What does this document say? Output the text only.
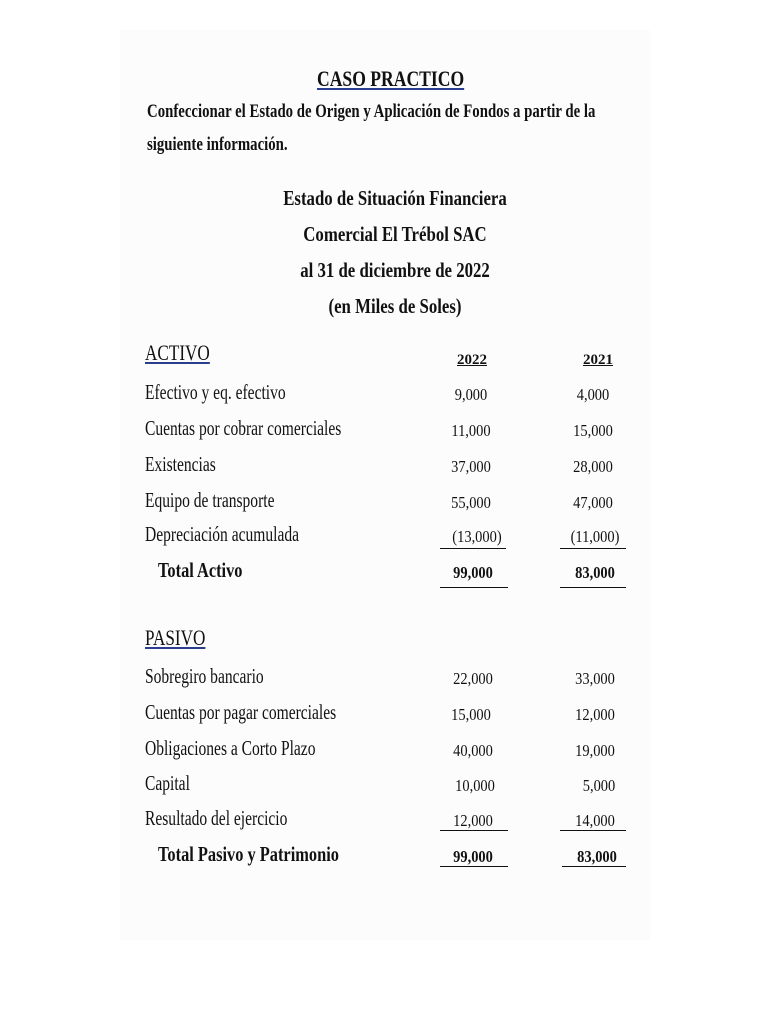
CASO PRACTICO
Confeccionar el Estado de Origen y Aplicación de Fondos a partir de la
siguiente información.
Estado de Situación Financiera
Comercial El Trébol SAC
al 31 de diciembre de 2022
(en Miles de Soles)
ACTIVO	2022	2021
Efectivo y eq. efectivo	9,000	4,000
Cuentas por cobrar comerciales	11,000	15,000
Existencias	37,000	28,000
Equipo de transporte	55,000	47,000
Depreciación acumulada	(13,000)	(11,000)
Total Activo	99,000	83,000
PASIVO
Sobregiro bancario	22,000	33,000
Cuentas por pagar comerciales	15,000	12,000
Obligaciones a Corto Plazo	40,000	19,000
Capital	10,000	5,000
Resultado del ejercicio	12,000	14,000
Total Pasivo y Patrimonio	99,000	83,000
